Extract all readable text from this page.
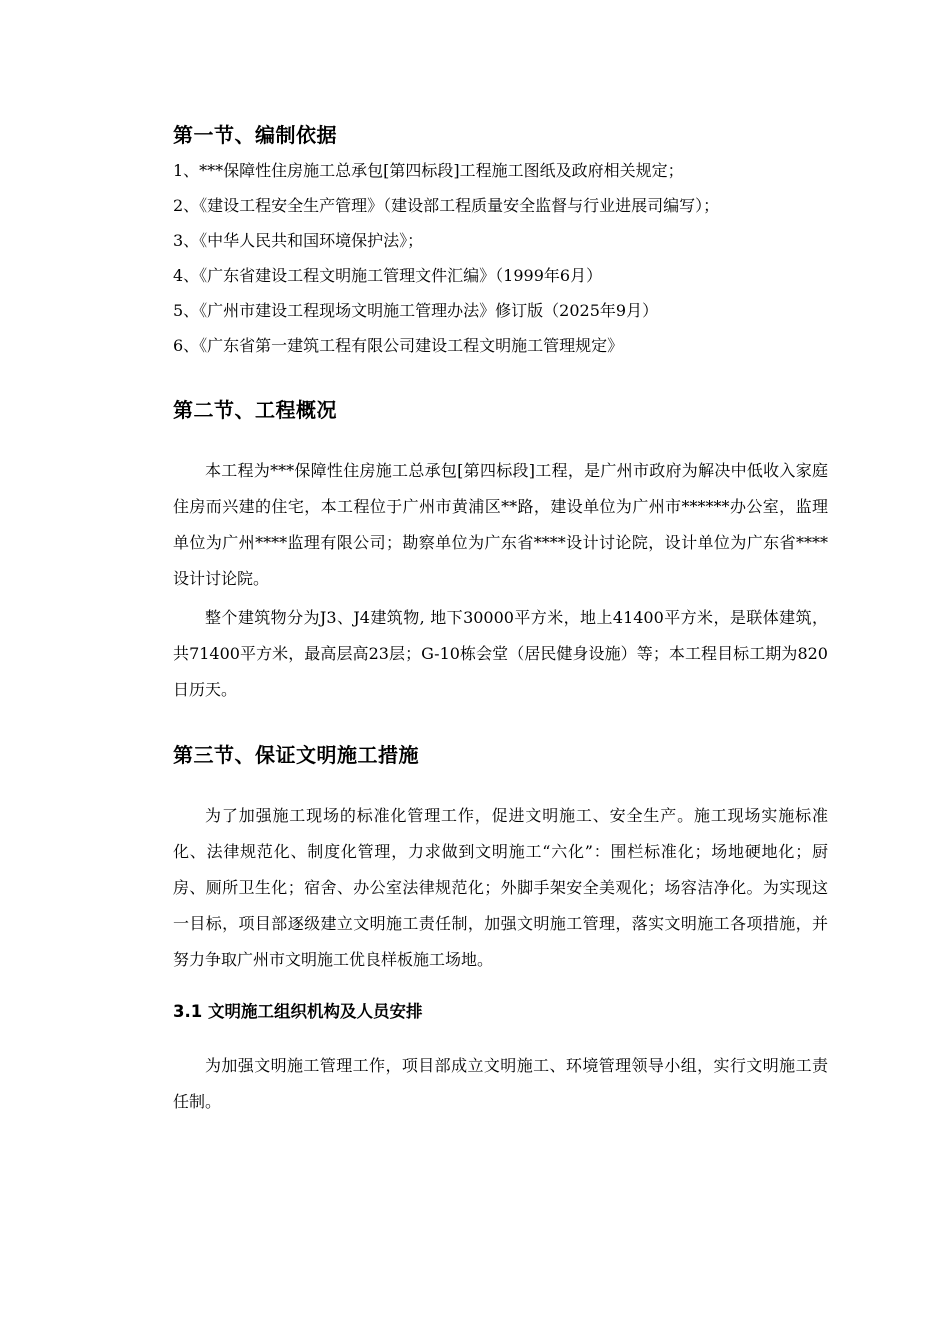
第一节、编制依据

1、***保障性住房施工总承包[第四标段]工程施工图纸及政府相关规定；

2、《建设工程安全生产管理》（建设部工程质量安全监督与行业进展司编写）；

3、《中华人民共和国环境保护法》；

4、《广东省建设工程文明施工管理文件汇编》（1999年6月）

5、《广州市建设工程现场文明施工管理办法》修订版（2025年9月）

6、《广东省第一建筑工程有限公司建设工程文明施工管理规定》

第二节、工程概况

本工程为***保障性住房施工总承包[第四标段]工程，是广州市政府为解决中低收入家庭住房而兴建的住宅，本工程位于广州市黄浦区**路，建设单位为广州市******办公室，监理单位为广州****监理有限公司；勘察单位为广东省****设计讨论院，设计单位为广东省****设计讨论院。

整个建筑物分为J3、J4建筑物, 地下30000平方米，地上41400平方米，是联体建筑，共71400平方米，最高层高23层；G-10栋会堂（居民健身设施）等；本工程目标工期为820日历天。

第三节、保证文明施工措施

为了加强施工现场的标准化管理工作，促进文明施工、安全生产。施工现场实施标准化、法律规范化、制度化管理，力求做到文明施工“六化”：围栏标准化；场地硬地化；厨房、厕所卫生化；宿舍、办公室法律规范化；外脚手架安全美观化；场容洁净化。为实现这一目标，项目部逐级建立文明施工责任制，加强文明施工管理，落实文明施工各项措施，并努力争取广州市文明施工优良样板施工场地。

3.1 文明施工组织机构及人员安排

为加强文明施工管理工作，项目部成立文明施工、环境管理领导小组，实行文明施工责任制。
